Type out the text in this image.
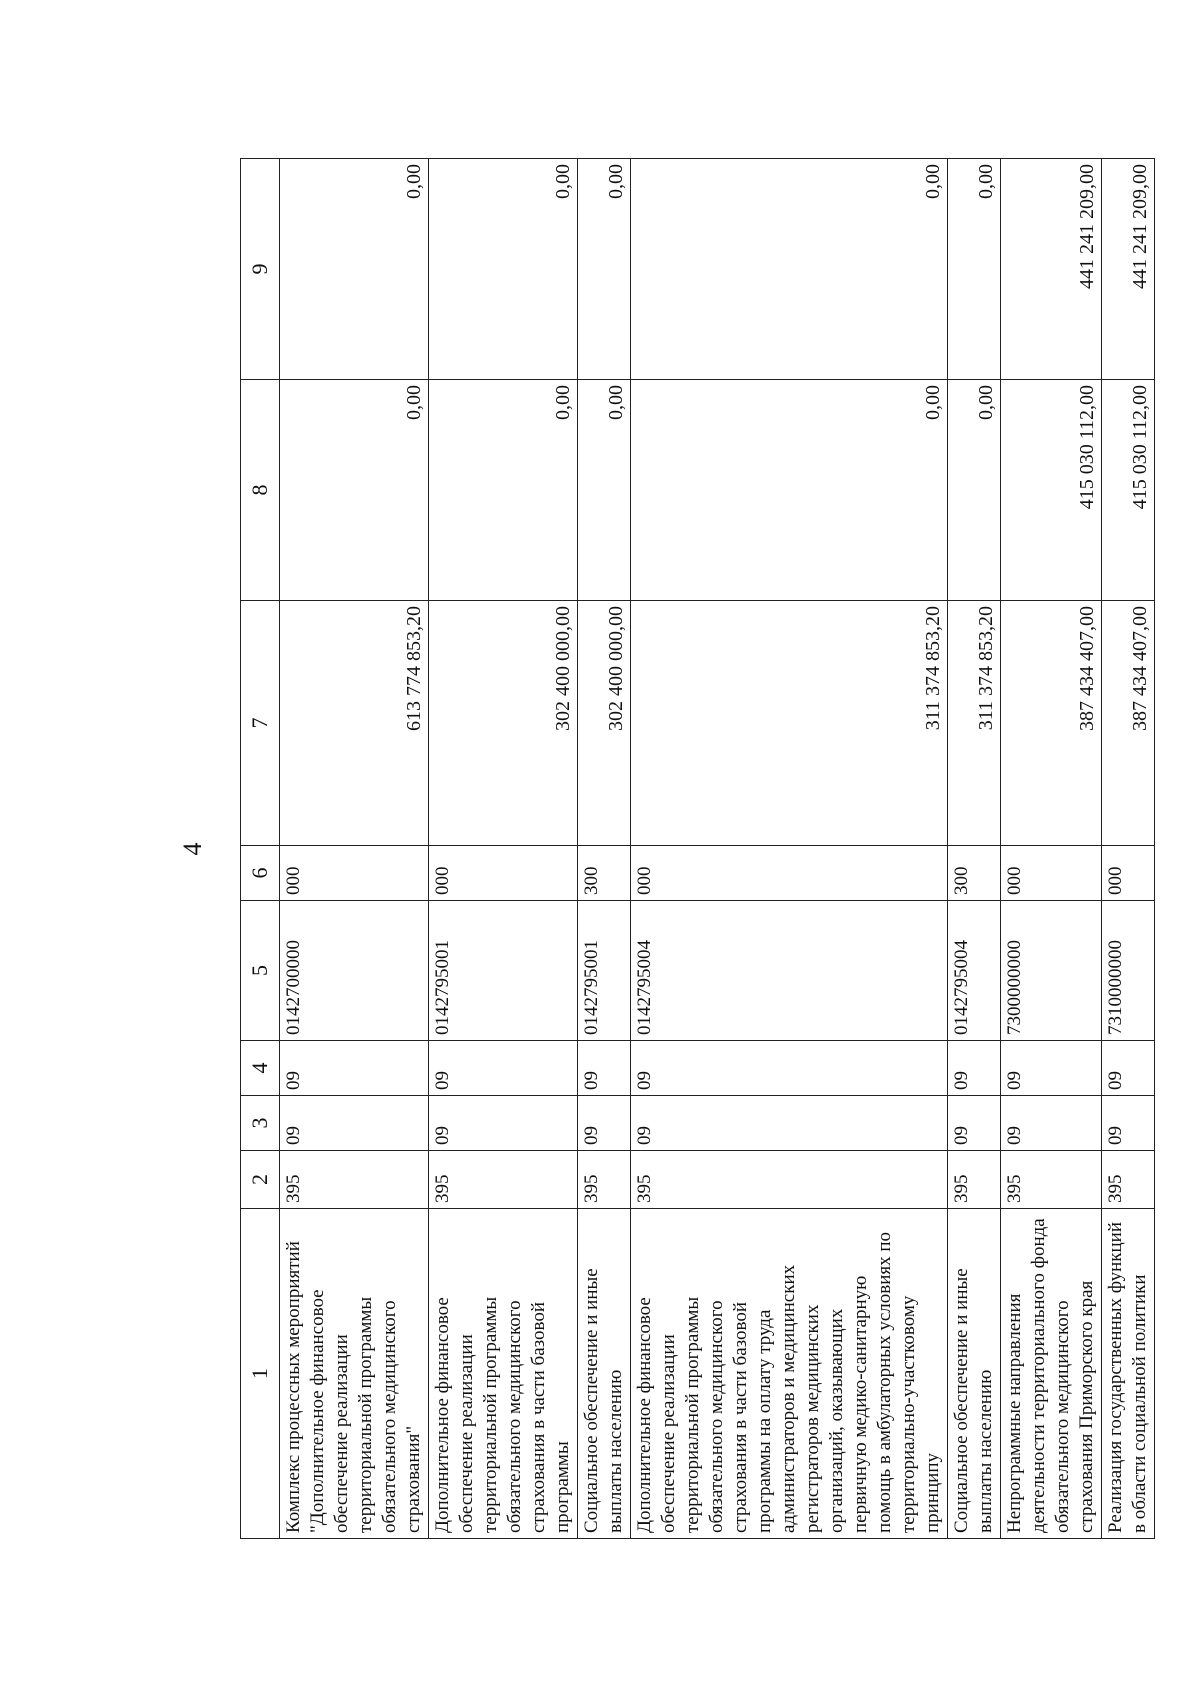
4
1	2	3	4	5	6	7	8	9
Комплекс процессных мероприятий "Дополнительное финансовое обеспечение реализации территориальной программы обязательного медицинского страхования"	395	09	09	0142700000	000	613 774 853,20	0,00	0,00
Дополнительное финансовое обеспечение реализации территориальной программы обязательного медицинского страхования в части базовой программы	395	09	09	0142795001	000	302 400 000,00	0,00	0,00
Социальное обеспечение и иные выплаты населению	395	09	09	0142795001	300	302 400 000,00	0,00	0,00
Дополнительное финансовое обеспечение реализации территориальной программы обязательного медицинского страхования в части базовой программы на оплату труда администраторов и медицинских регистраторов медицинских организаций, оказывающих первичную медико-санитарную помощь в амбулаторных условиях по территориально-участковому принципу	395	09	09	0142795004	000	311 374 853,20	0,00	0,00
Социальное обеспечение и иные выплаты населению	395	09	09	0142795004	300	311 374 853,20	0,00	0,00
Непрограммные направления деятельности территориального фонда обязательного медицинского страхования Приморского края	395	09	09	7300000000	000	387 434 407,00	415 030 112,00	441 241 209,00
Реализация государственных функций в области социальной политики	395	09	09	7310000000	000	387 434 407,00	415 030 112,00	441 241 209,00
